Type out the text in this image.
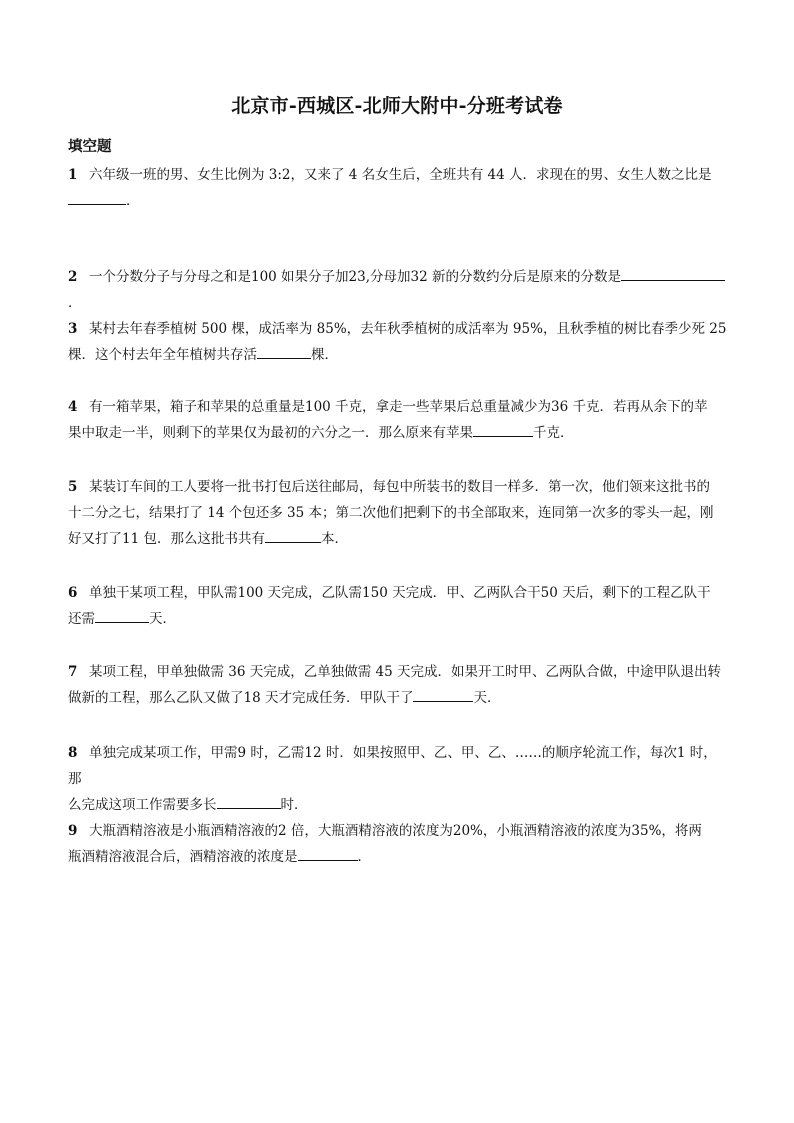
北京市-西城区-北师大附中-分班考试卷
填空题
1 六年级一班的男、女生比例为 3:2，又来了 4 名女生后，全班共有 44 人．求现在的男、女生人数之比是
．
2 一个分数分子与分母之和是100 如果分子加23,分母加32 新的分数约分后是原来的分数是．
3 某村去年春季植树 500 棵，成活率为 85%，去年秋季植树的成活率为 95%，且秋季植的树比春季少死 25
棵．这个村去年全年植树共存活	棵．
4 有一箱苹果，箱子和苹果的总重量是100 千克，拿走一些苹果后总重量减少为36 千克．若再从余下的苹
果中取走一半，则剩下的苹果仅为最初的六分之一．那么原来有苹果	千克．
5 某装订车间的工人要将一批书打包后送往邮局，每包中所装书的数目一样多．第一次，他们领来这批书的
十二分之七，结果打了 14 个包还多 35 本；第二次他们把剩下的书全部取来，连同第一次多的零头一起，刚
好又打了11 包．那么这批书共有	本．
6 单独干某项工程，甲队需100 天完成，乙队需150 天完成．甲、乙两队合干50 天后，剩下的工程乙队干
还需	天．
7 某项工程，甲单独做需 36 天完成，乙单独做需 45 天完成．如果开工时甲、乙两队合做，中途甲队退出转
做新的工程，那么乙队又做了18 天才完成任务．甲队干了	天．
8 单独完成某项工作，甲需9 时，乙需12 时．如果按照甲、乙、甲、乙、……的顺序轮流工作，每次1 时，那
么完成这项工作需要多长	时．
9 大瓶酒精溶液是小瓶酒精溶液的2 倍，大瓶酒精溶液的浓度为20%，小瓶酒精溶液的浓度为35%，将两
瓶酒精溶液混合后，酒精溶液的浓度是	．
